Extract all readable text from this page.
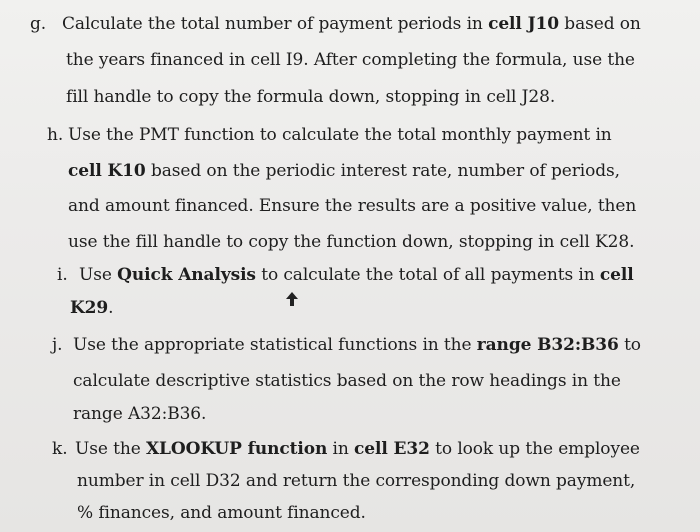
g. Calculate the total number of payment periods in cell J10 based on
the years financed in cell I9. After completing the formula, use the
fill handle to copy the formula down, stopping in cell J28.
h. Use the PMT function to calculate the total monthly payment in
cell K10 based on the periodic interest rate, number of periods,
and amount financed. Ensure the results are a positive value, then
use the fill handle to copy the function down, stopping in cell K28.
i. Use Quick Analysis to calculate the total of all payments in cell
K29.
j. Use the appropriate statistical functions in the range B32:B36 to
calculate descriptive statistics based on the row headings in the
range A32:B36.
k. Use the XLOOKUP function in cell E32 to look up the employee
number in cell D32 and return the corresponding down payment,
% finances, and amount financed.
